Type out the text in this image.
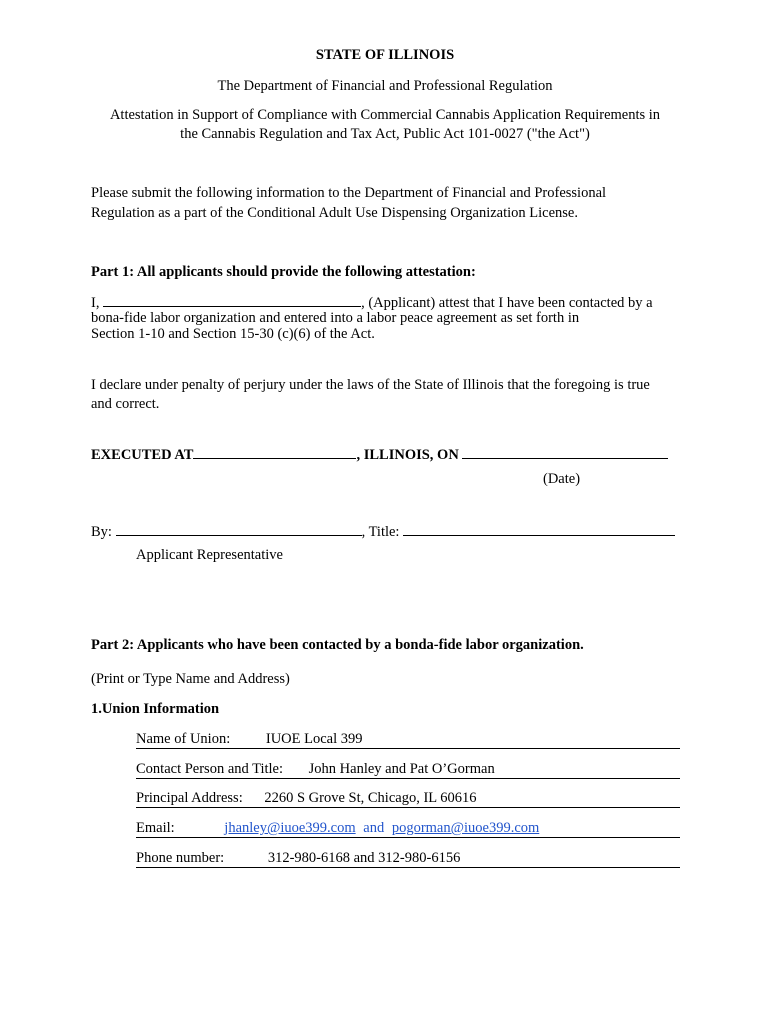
STATE OF ILLINOIS
The Department of Financial and Professional Regulation
Attestation in Support of Compliance with Commercial Cannabis Application Requirements in
the Cannabis Regulation and Tax Act, Public Act 101-0027 ("the Act")
Please submit the following information to the Department of Financial and Professional
Regulation as a part of the Conditional Adult Use Dispensing Organization License.
Part 1: All applicants should provide the following attestation:
I,	, (Applicant) attest that I have been contacted by a
bona-fide labor organization and entered into a labor peace agreement as set forth in
Section 1-10 and Section 15-30 (c)(6) of the Act.
I declare under penalty of perjury under the laws of the State of Illinois that the foregoing is true
and correct.
EXECUTED AT	, ILLINOIS, ON
(Date)
By:	, Title:
Applicant Representative
Part 2: Applicants who have been contacted by a bonda-fide labor organization.
(Print or Type Name and Address)
1.Union Information
Name of Union: IUOE Local 399
Contact Person and Title: John Hanley and Pat O’Gorman
Principal Address: 2260 S Grove St, Chicago, IL 60616
Email:	jhanley@iuoe399.com and pogorman@iuoe399.com
Phone number:	312-980-6168 and 312-980-6156
